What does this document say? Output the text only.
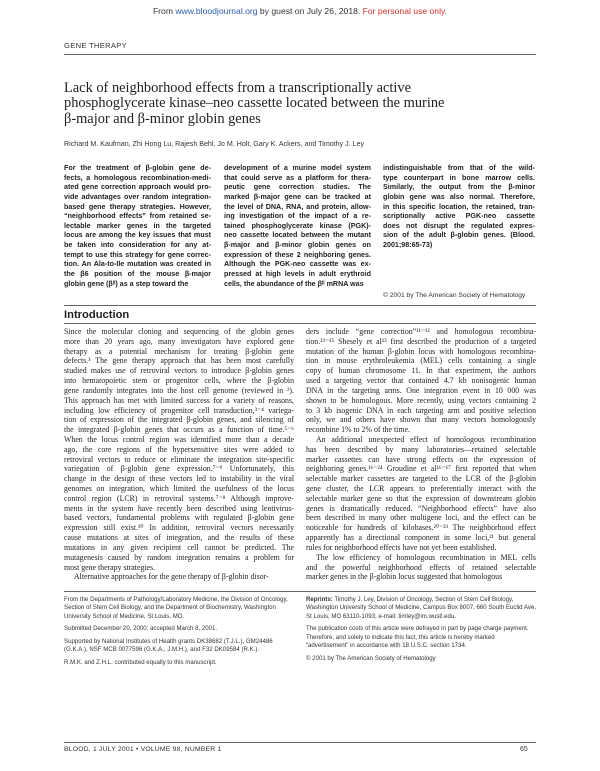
From www.bloodjournal.org by guest on July 26, 2018. For personal use only.
GENE THERAPY
Lack of neighborhood effects from a transcriptionally active
phosphoglycerate kinase–neo cassette located between the murine
β-major and β-minor globin genes
Richard M. Kaufman, Zhi Hong Lu, Rajesh Behl, Jo M. Holt, Gary K. Ackers, and Timothy J. Ley
For the treatment of β-globin gene de-
fects, a homologous recombination-medi-
ated gene correction approach would pro-
vide advantages over random integration-
based gene therapy strategies. However,
“neighborhood effects” from retained se-
lectable marker genes in the targeted
locus are among the key issues that must
be taken into consideration for any at-
tempt to use this strategy for gene correc-
tion. An Ala-to-Ile mutation was created in
the β6 position of the mouse β-major
globin gene (βᴵᴵ) as a step toward the
development of a murine model system
that could serve as a platform for thera-
peutic gene correction studies. The
marked β-major gene can be tracked at
the level of DNA, RNA, and protein, allow-
ing investigation of the impact of a re-
tained phosphoglycerate kinase (PGK)-
neo cassette located between the mutant
β-major and β-minor globin genes on
expression of these 2 neighboring genes.
Although the PGK-neo cassette was ex-
pressed at high levels in adult erythroid
cells, the abundance of the βᴵᴵ mRNA was
indistinguishable from that of the wild-
type counterpart in bone marrow cells.
Similarly, the output from the β-minor
globin gene was also normal. Therefore,
in this specific location, the retained, tran-
scriptionally active PGK-neo cassette
does not disrupt the regulated expres-
sion of the adult β-globin genes. (Blood.
2001;98:65-73)
© 2001 by The American Society of Hematology
Introduction
Since the molecular cloning and sequencing of the globin genes
more than 20 years ago, many investigators have explored gene
therapy as a potential mechanism for treating β-globin gene
defects.¹ The gene therapy approach that has been most carefully
studied makes use of retroviral vectors to introduce β-globin genes
into hematopoietic stem or progenitor cells, where the β-globin
gene randomly integrates into the host cell genome (reviewed in ²).
This approach has met with limited success for a variety of reasons,
including low efficiency of progenitor cell transduction,³⁻⁴ variega-
tion of expression of the integrated β-globin genes, and silencing of
the integrated β-globin genes that occurs as a function of time.⁵⁻⁶
When the locus control region was identified more than a decade
ago, the core regions of the hypersensitive sites were added to
retroviral vectors to reduce or eliminate the integration site-specific
variegation of β-globin gene expression.⁷⁻⁹ Unfortunately, this
change in the design of these vectors led to instability in the viral
genomes on integration, which limited the usefulness of the locus
control region (LCR) in retroviral systems.⁷⁻⁸ Although improve-
ments in the system have recently been described using lentivirus-
based vectors, fundamental problems with regulated β-globin gene
expression still exist.¹⁰ In addition, retroviral vectors necessarily
cause mutations at sites of integration, and the results of these
mutations in any given recipient cell cannot be predicted. The
mutagenesis caused by random integration remains a problem for
most gene therapy strategies.
Alternative approaches for the gene therapy of β-globin disor-
ders include “gene correction”¹¹⁻¹² and homologous recombina-
tion.¹³⁻¹⁵ Shesely et al¹³ first described the production of a targeted
mutation of the human β-globin locus with homologous recombina-
tion in mouse erythroleukemia (MEL) cells containing a single
copy of human chromosome 11. In that experiment, the authors
used a targeting vector that contained 4.7 kb nonisogenic human
DNA in the targeting arms. One integration event in 10 000 was
shown to be homologous. More recently, using vectors containing 2
to 3 kb isogenic DNA in each targeting arm and positive selection
only, we and others have shown that many vectors homologously
recombine 1% to 2% of the time.
An additional unexpected effect of homologous recombination
has been described by many laboratories—retained selectable
marker cassettes can have strong effects on the expression of
neighboring genes.¹⁶⁻²⁴ Groudine et al¹⁶⁻¹⁷ first reported that when
selectable marker cassettes are targeted to the LCR of the β-globin
gene cluster, the LCR appears to preferentially interact with the
selectable marker gene so that the expression of downstream globin
genes is dramatically reduced. “Neighborhood effects” have also
been described in many other multigene loci, and the effect can be
noticeable for hundreds of kilobases.²⁰⁻²³ The neighborhood effect
apparently has a directional component in some loci,²¹ but general
rules for neighborhood effects have not yet been established.
The low efficiency of homologous recombination in MEL cells
and the powerful neighborhood effects of retained selectable
marker genes in the β-globin locus suggested that homologous

From the Departments of Pathology/Laboratory Medicine, the Division of Oncology, Section of Stem Cell Biology, and the Department of Biochemistry, Washington University School of Medicine, St Louis, MO.

Submitted December 20, 2000; accepted March 8, 2001.

Supported by National Institutes of Health grants DK38682 (T.J.L.), GM24486 (G.K.A.), NSF MCB 0077596 (G.K.A., J.M.H.), and F32 DK09584 (R.K.).

R.M.K. and Z.H.L. contributed equally to this manuscript.

Reprints: Timothy J. Ley, Division of Oncology, Section of Stem Cell Biology, Washington University School of Medicine, Campus Box 8007, 660 South Euclid Ave, St Louis, MO 63110-1093; e-mail: timley@im.wustl.edu.

The publication costs of this article were defrayed in part by page charge payment. Therefore, and solely to indicate this fact, this article is hereby marked “advertisement” in accordance with 18 U.S.C. section 1734.

© 2001 by The American Society of Hematology

BLOOD, 1 JULY 2001 • VOLUME 98, NUMBER 1	65
